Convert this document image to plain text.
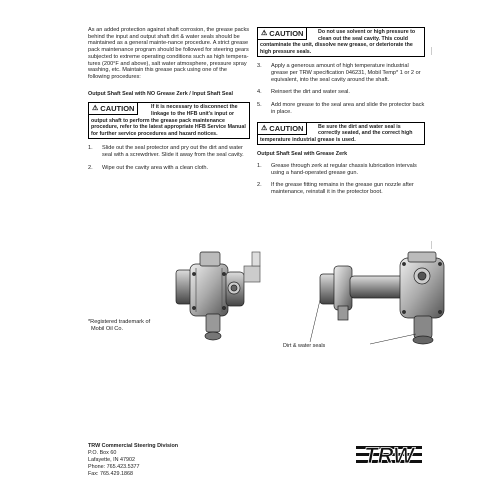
As an added protection against shaft corrosion, the grease packs behind the input and output shaft dirt & water seals should be maintained as a general mainte-nance procedure. A strict grease pack maintenance program should be followed for steering gears subjected to extreme operating conditions such as high tempera-tures (200°F and above), salt water atmosphere, pressure spray washing, etc. Maintain this grease pack using one of the following procedures:

Output Shaft Seal with NO Grease Zerk / Input Shaft Seal
⚠ CAUTION	If it is necessary to disconnect the linkage to the HFB unit's input or output shaft to perform the grease pack maintenance procedure, refer to the latest appropriate HFB Service Manual for further service procedures and hazard notices.
1.	Slide out the seal protector and pry out the dirt and water seal with a screwdriver. Slide it away from the seal cavity.
2.	Wipe out the cavity area with a clean cloth.
⚠ CAUTION	Do not use solvent or high pressure to clean out the seal cavity. This could contaminate the unit, dissolve new grease, or deteriorate the high pressure seals.
3.	Apply a generous amount of high temperature industrial grease per TRW specification 046231, Mobil Temp* 1 or 2 or equivalent, into the seal cavity around the shaft.
4.	Reinsert the dirt and water seal.
5.	Add more grease to the seal area and slide the protector back in place.
⚠ CAUTION	Be sure the dirt and water seal is correctly seated, and the correct high temperature industrial grease is used.
Output Shaft Seal with Grease Zerk
1.	Grease through zerk at regular chassis lubrication intervals using a hand-operated grease gun.
2.	If the grease fitting remains in the grease gun nozzle after maintenance, reinstall it in the protector boot.
*Registered trademark of
Mobil Oil Co.
Dirt & water seals
TRW Commercial Steering Division
P.O. Box 60
Lafayette, IN 47902
Phone: 765.423.5377
Fax: 765.429.1868
TRW
